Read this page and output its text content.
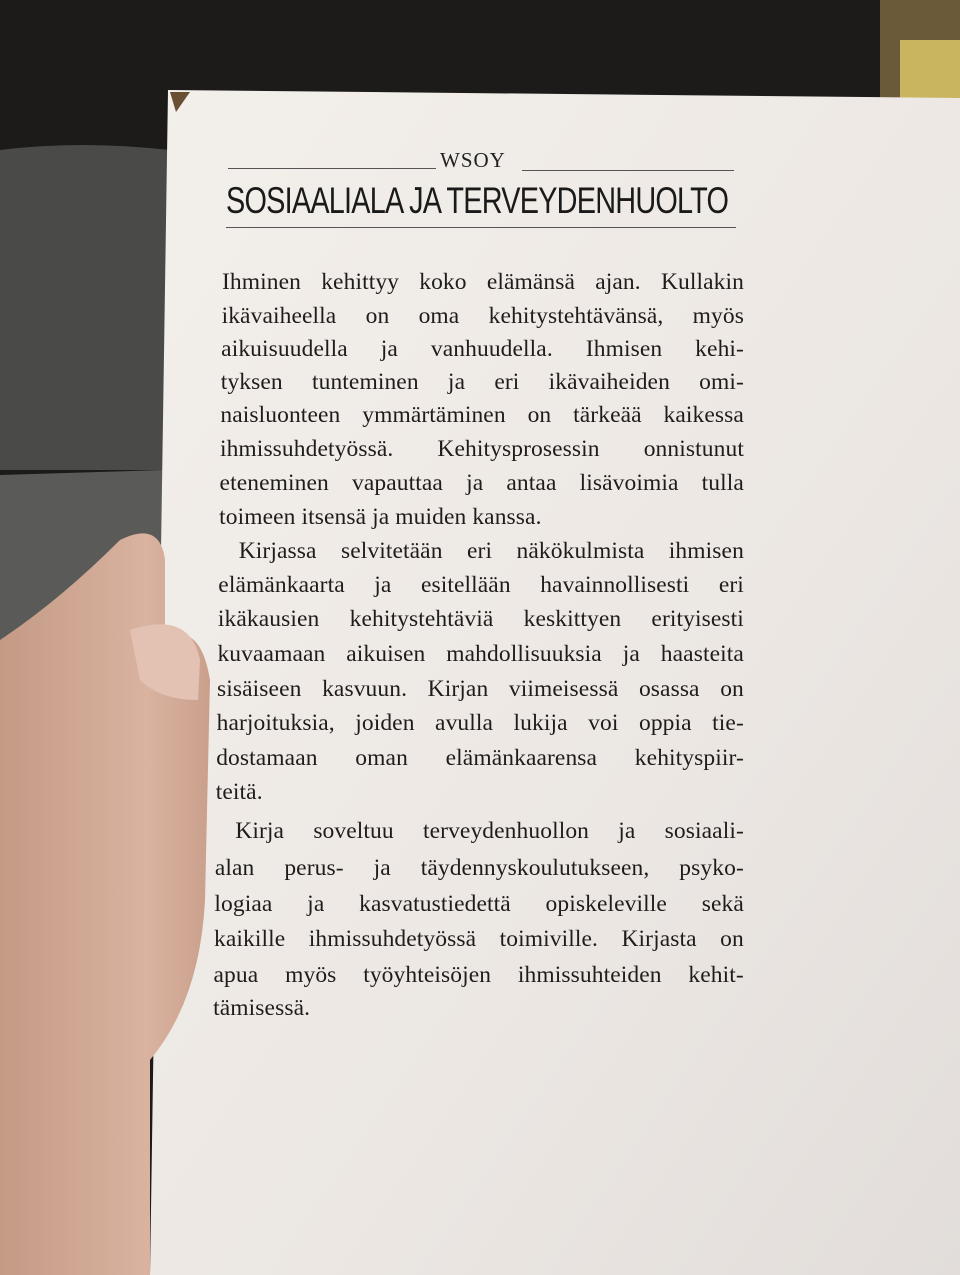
WSOY
SOSIAALIALA JA TERVEYDENHUOLTO
Ihminen kehittyy koko elämänsä ajan. Kullakin
ikävaiheella on oma kehitystehtävänsä, myös
aikuisuudella ja vanhuudella. Ihmisen kehi-
tyksen tunteminen ja eri ikävaiheiden omi-
naisluonteen ymmärtäminen on tärkeää kaikessa
ihmissuhdetyössä. Kehitysprosessin onnistunut
eteneminen vapauttaa ja antaa lisävoimia tulla
toimeen itsensä ja muiden kanssa.
Kirjassa selvitetään eri näkökulmista ihmisen
elämänkaarta ja esitellään havainnollisesti eri
ikäkausien kehitystehtäviä keskittyen erityisesti
kuvaamaan aikuisen mahdollisuuksia ja haasteita
sisäiseen kasvuun. Kirjan viimeisessä osassa on
harjoituksia, joiden avulla lukija voi oppia tie-
dostamaan oman elämänkaarensa kehityspiir-
teitä.
Kirja soveltuu terveydenhuollon ja sosiaali-
alan perus- ja täydennyskoulutukseen, psyko-
logiaa ja kasvatustiedettä opiskeleville sekä
kaikille ihmissuhdetyössä toimiville. Kirjasta on
apua myös työyhteisöjen ihmissuhteiden kehit-
tämisessä.
